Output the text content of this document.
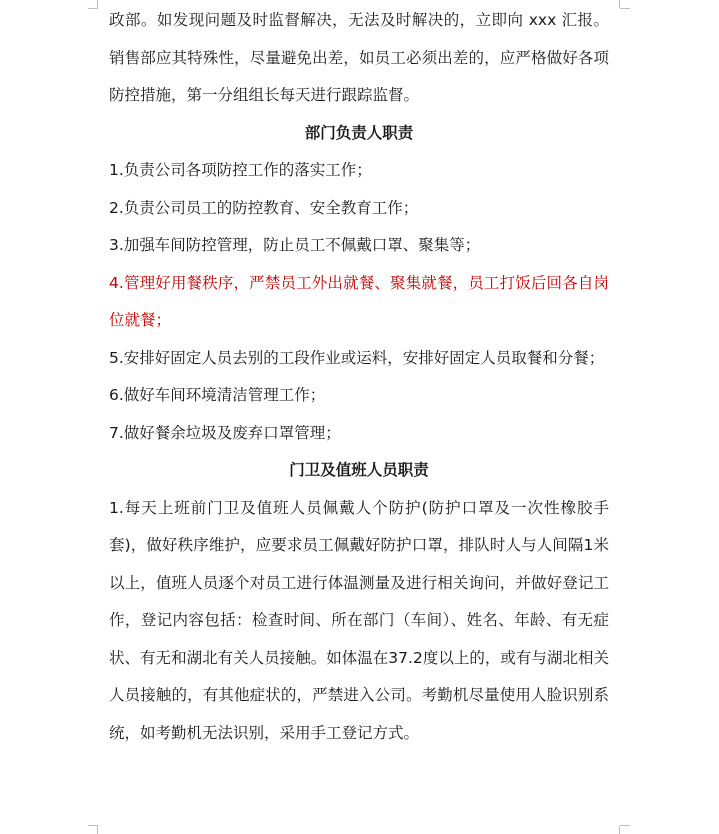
政部。如发现问题及时监督解决，无法及时解决的，立即向 xxx 汇报。销售部应其特殊性，尽量避免出差，如员工必须出差的，应严格做好各项防控措施，第一分组组长每天进行跟踪监督。

部门负责人职责

1.负责公司各项防控工作的落实工作；

2.负责公司员工的防控教育、安全教育工作；

3.加强车间防控管理，防止员工不佩戴口罩、聚集等；

4.管理好用餐秩序，严禁员工外出就餐、聚集就餐，员工打饭后回各自岗位就餐；

5.安排好固定人员去别的工段作业或运料，安排好固定人员取餐和分餐；

6.做好车间环境清洁管理工作；

7.做好餐余垃圾及废弃口罩管理；

门卫及值班人员职责

1.每天上班前门卫及值班人员佩戴人个防护(防护口罩及一次性橡胶手套)，做好秩序维护，应要求员工佩戴好防护口罩，排队时人与人间隔1米以上，值班人员逐个对员工进行体温测量及进行相关询问，并做好登记工作，登记内容包括：检查时间、所在部门（车间）、姓名、年龄、有无症状、有无和湖北有关人员接触。如体温在37.2度以上的，或有与湖北相关人员接触的，有其他症状的，严禁进入公司。考勤机尽量使用人脸识别系统，如考勤机无法识别，采用手工登记方式。
